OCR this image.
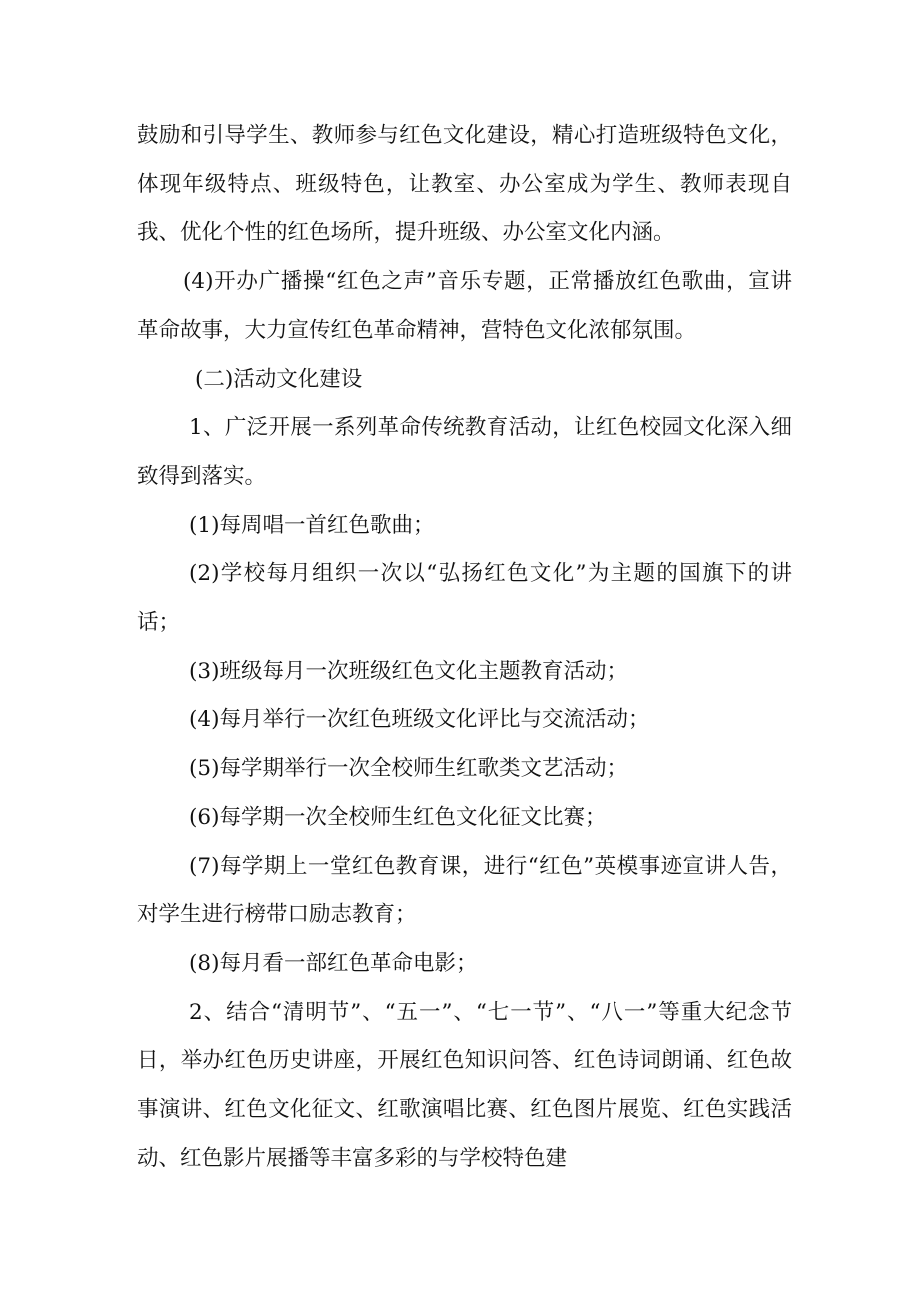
鼓励和引导学生、教师参与红色文化建设，精心打造班级特色文化，体现年级特点、班级特色，让教室、办公室成为学生、教师表现自我、优化个性的红色场所，提升班级、办公室文化内涵。

(4)开办广播操“红色之声”音乐专题，正常播放红色歌曲，宣讲革命故事，大力宣传红色革命精神，营特色文化浓郁氛围。

(二)活动文化建设

1、广泛开展一系列革命传统教育活动，让红色校园文化深入细致得到落实。

(1)每周唱一首红色歌曲；

(2)学校每月组织一次以“弘扬红色文化”为主题的国旗下的讲话；

(3)班级每月一次班级红色文化主题教育活动；

(4)每月举行一次红色班级文化评比与交流活动；

(5)每学期举行一次全校师生红歌类文艺活动；

(6)每学期一次全校师生红色文化征文比赛；

(7)每学期上一堂红色教育课，进行“红色”英模事迹宣讲人告，对学生进行榜带口励志教育；

(8)每月看一部红色革命电影；

2、结合“清明节”、“五一”、“七一节”、“八一”等重大纪念节日，举办红色历史讲座，开展红色知识问答、红色诗词朗诵、红色故事演讲、红色文化征文、红歌演唱比赛、红色图片展览、红色实践活动、红色影片展播等丰富多彩的与学校特色建
